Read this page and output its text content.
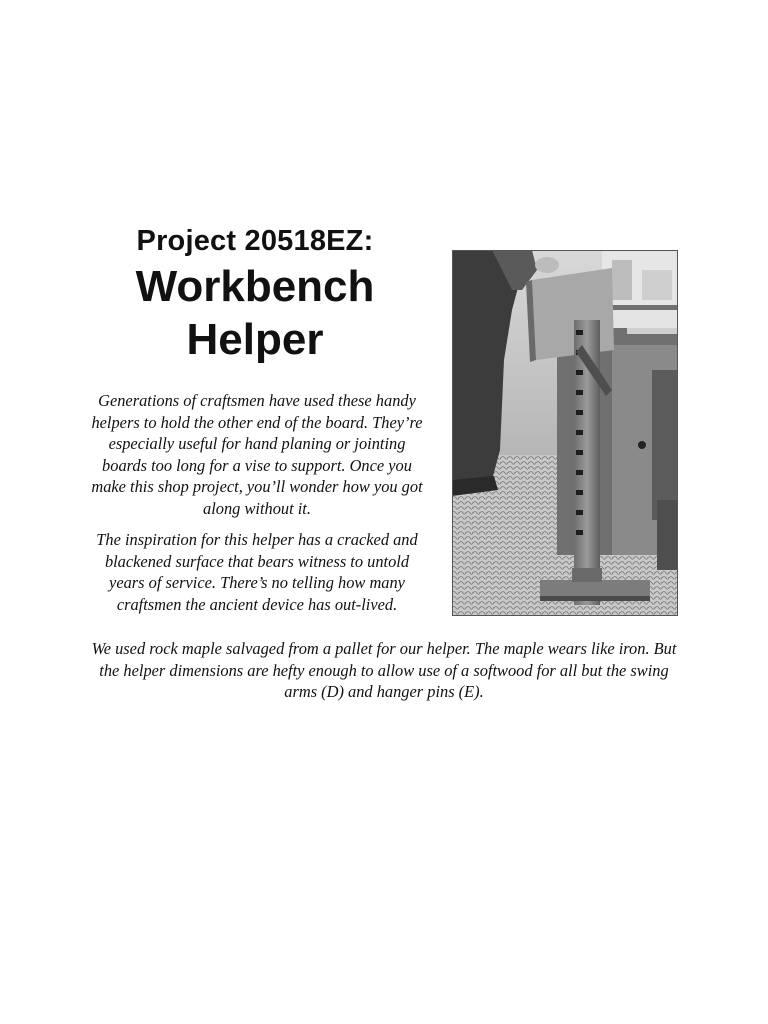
Project 20518EZ:
Workbench
Helper

Generations of craftsmen have used these handy helpers to hold the other end of the board. They’re especially useful for hand planing or jointing boards too long for a vise to support. Once you make this shop project, you’ll wonder how you got along without it.

The inspiration for this helper has a cracked and blackened surface that bears witness to untold years of service. There’s no telling how many craftsmen the ancient device has out-lived.

We used rock maple salvaged from a pallet for our helper. The maple wears like iron. But the helper dimensions are hefty enough to allow use of a softwood for all but the swing arms (D) and hanger pins (E).
